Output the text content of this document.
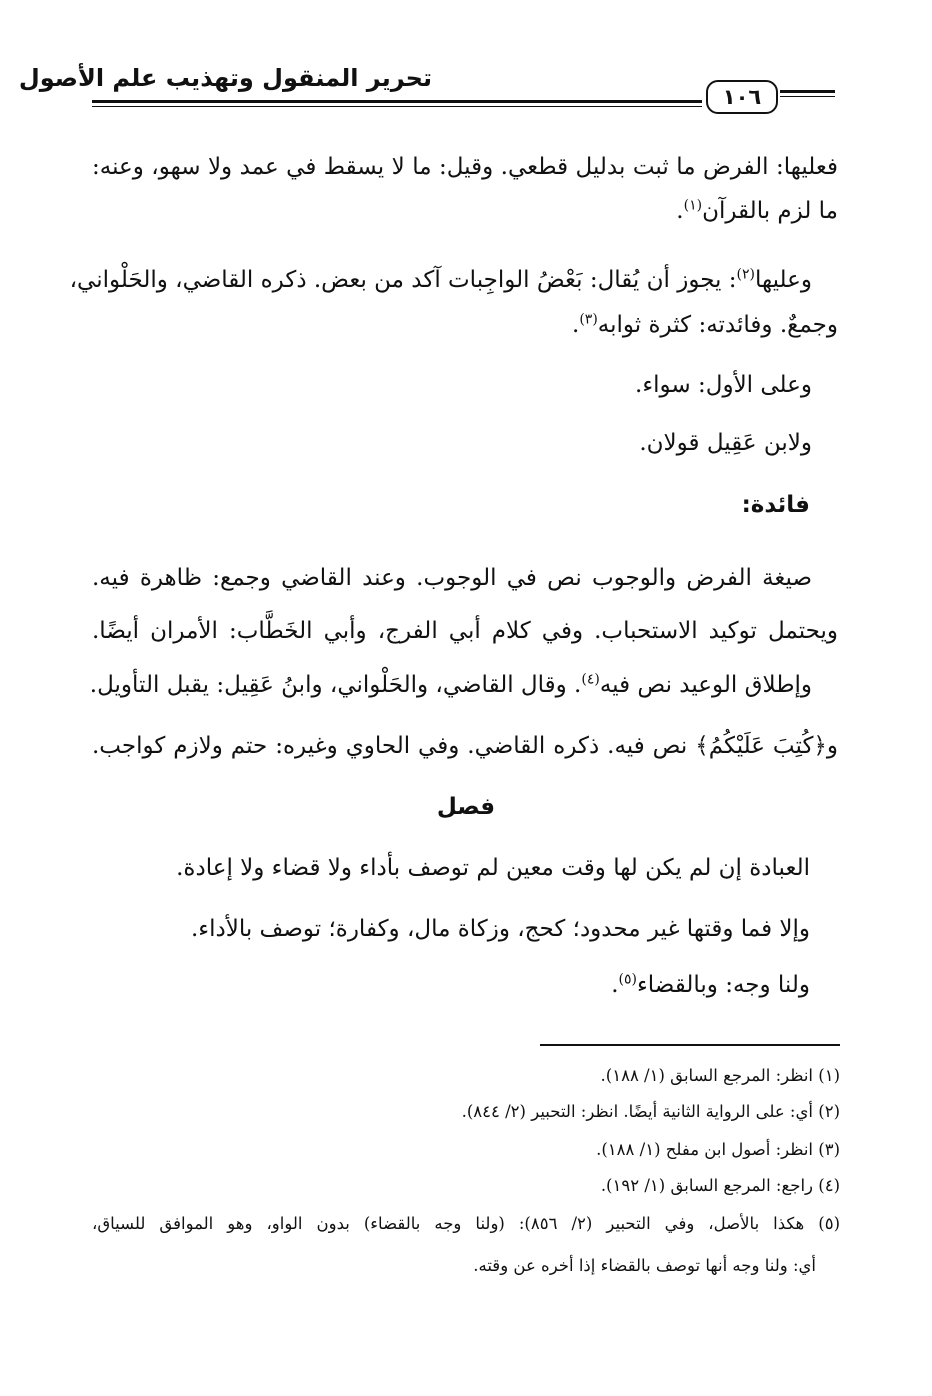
تحرير المنقول وتهذيب علم الأصول
١٠٦
فعليها: الفرض ما ثبت بدليل قطعي. وقيل: ما لا يسقط في عمد ولا سهو، وعنه:
ما لزم بالقرآن$^{(١)}$.
وعليها$^{(٢)}$: يجوز أن يُقال: بَعْضُ الواجِبات آكد من بعض. ذكره القاضي، والحَلْواني،
وجمعٌ. وفائدته: كثرة ثوابه$^{(٣)}$.
وعلى الأول: سواء.
ولابن عَقِيل قولان.
فائدة:
صيغة الفرض والوجوب نص في الوجوب. وعند القاضي وجمع: ظاهرة فيه.
ويحتمل توكيد الاستحباب. وفي كلام أبي الفرج، وأبي الخَطَّاب: الأمران أيضًا.
وإطلاق الوعيد نص فيه$^{(٤)}$. وقال القاضي، والحَلْواني، وابنُ عَقِيل: يقبل التأويل.
و﴿كُتِبَ عَلَيْكُمُ﴾ نص فيه. ذكره القاضي. وفي الحاوي وغيره: حتم ولازم كواجب.
فصل
العبادة إن لم يكن لها وقت معين لم توصف بأداء ولا قضاء ولا إعادة.
وإلا فما وقتها غير محدود؛ كحج، وزكاة مال، وكفارة؛ توصف بالأداء.
ولنا وجه: وبالقضاء$^{(٥)}$.
(١) انظر: المرجع السابق (١/ ١٨٨).
(٢) أي: على الرواية الثانية أيضًا. انظر: التحبير (٢/ ٨٤٤).
(٣) انظر: أصول ابن مفلح (١/ ١٨٨).
(٤) راجع: المرجع السابق (١/ ١٩٢).
(٥) هكذا بالأصل، وفي التحبير (٢/ ٨٥٦): (ولنا وجه بالقضاء) بدون الواو، وهو الموافق للسياق،
أي: ولنا وجه أنها توصف بالقضاء إذا أخره عن وقته.
